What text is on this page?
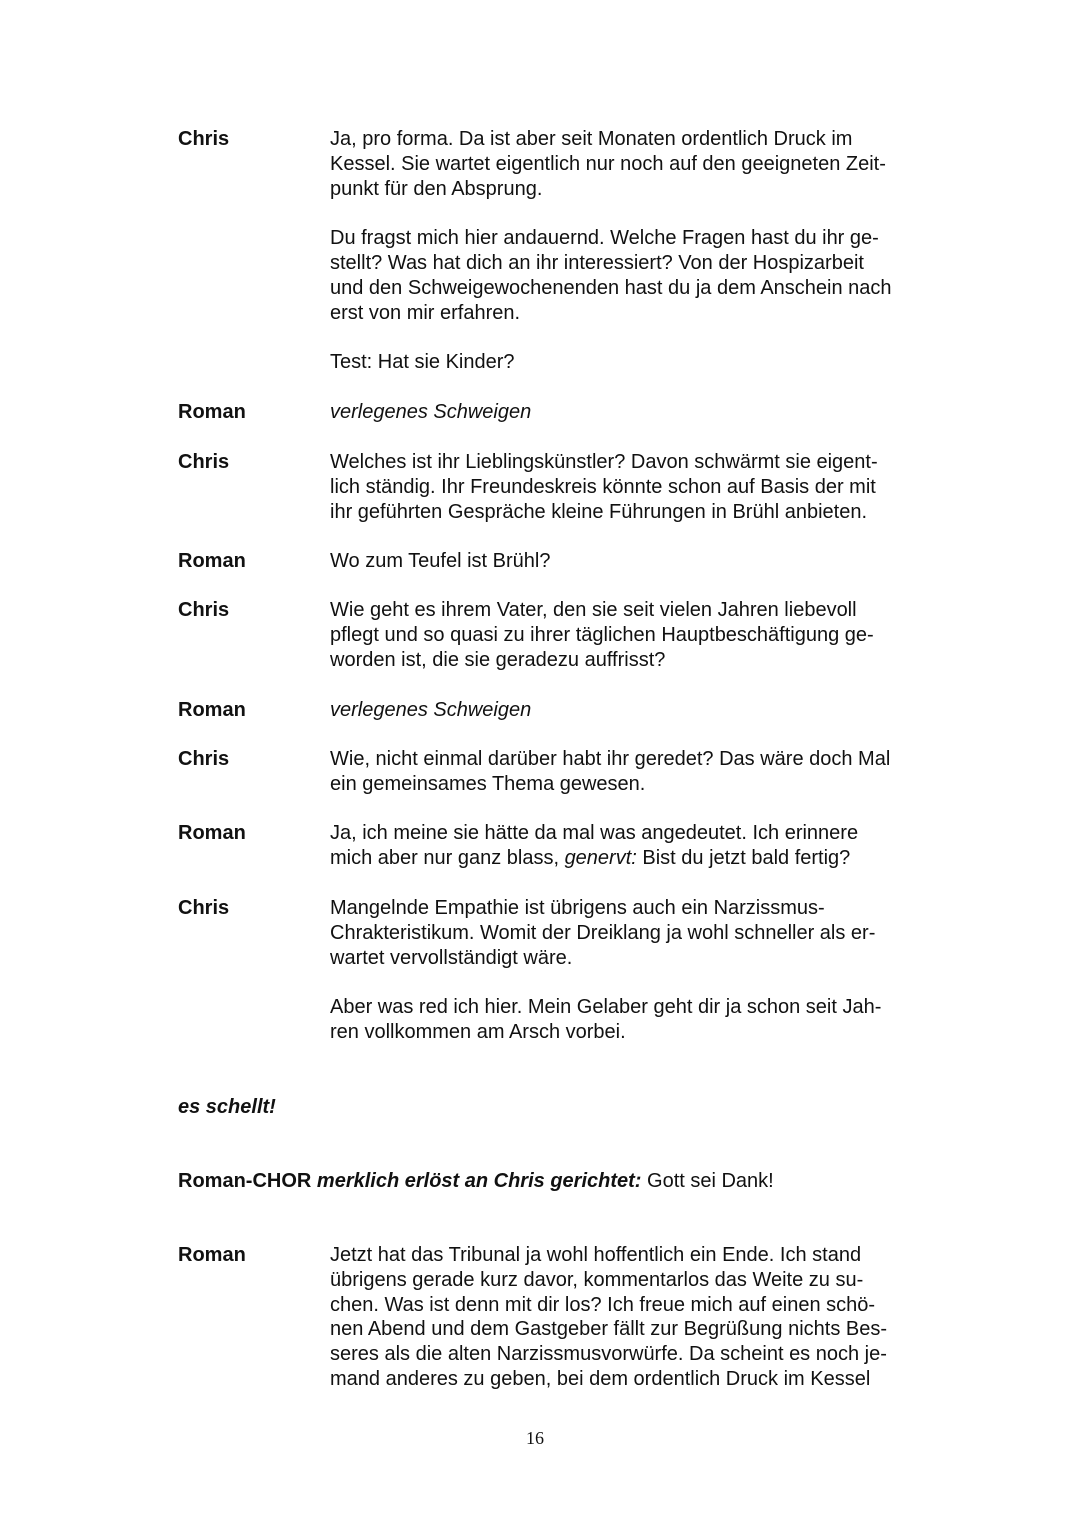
Chris	Ja, pro forma. Da ist aber seit Monaten ordentlich Druck im
Kessel. Sie wartet eigentlich nur noch auf den geeigneten Zeit-
punkt für den Absprung.

Du fragst mich hier andauernd. Welche Fragen hast du ihr ge-
stellt? Was hat dich an ihr interessiert? Von der Hospizarbeit
und den Schweigewochenenden hast du ja dem Anschein nach
erst von mir erfahren.

Test: Hat sie Kinder?

Roman	verlegenes Schweigen

Chris	Welches ist ihr Lieblingskünstler? Davon schwärmt sie eigent-
lich ständig. Ihr Freundeskreis könnte schon auf Basis der mit
ihr geführten Gespräche kleine Führungen in Brühl anbieten.

Roman	Wo zum Teufel ist Brühl?

Chris	Wie geht es ihrem Vater, den sie seit vielen Jahren liebevoll
pflegt und so quasi zu ihrer täglichen Hauptbeschäftigung ge-
worden ist, die sie geradezu auffrisst?

Roman	verlegenes Schweigen

Chris	Wie, nicht einmal darüber habt ihr geredet? Das wäre doch Mal
ein gemeinsames Thema gewesen.

Roman	Ja, ich meine sie hätte da mal was angedeutet. Ich erinnere
mich aber nur ganz blass, genervt: Bist du jetzt bald fertig?
Chris	Mangelnde Empathie ist übrigens auch ein Narzissmus-
Chrakteristikum. Womit der Dreiklang ja wohl schneller als er-
wartet vervollständigt wäre.

Aber was red ich hier. Mein Gelaber geht dir ja schon seit Jah-
ren vollkommen am Arsch vorbei.

es schellt!
Roman-CHOR merklich erlöst an Chris gerichtet: Gott sei Dank!
Roman	Jetzt hat das Tribunal ja wohl hoffentlich ein Ende. Ich stand
übrigens gerade kurz davor, kommentarlos das Weite zu su-
chen. Was ist denn mit dir los? Ich freue mich auf einen schö-
nen Abend und dem Gastgeber fällt zur Begrüßung nichts Bes-
seres als die alten Narzissmusvorwürfe. Da scheint es noch je-
mand anderes zu geben, bei dem ordentlich Druck im Kessel

16
